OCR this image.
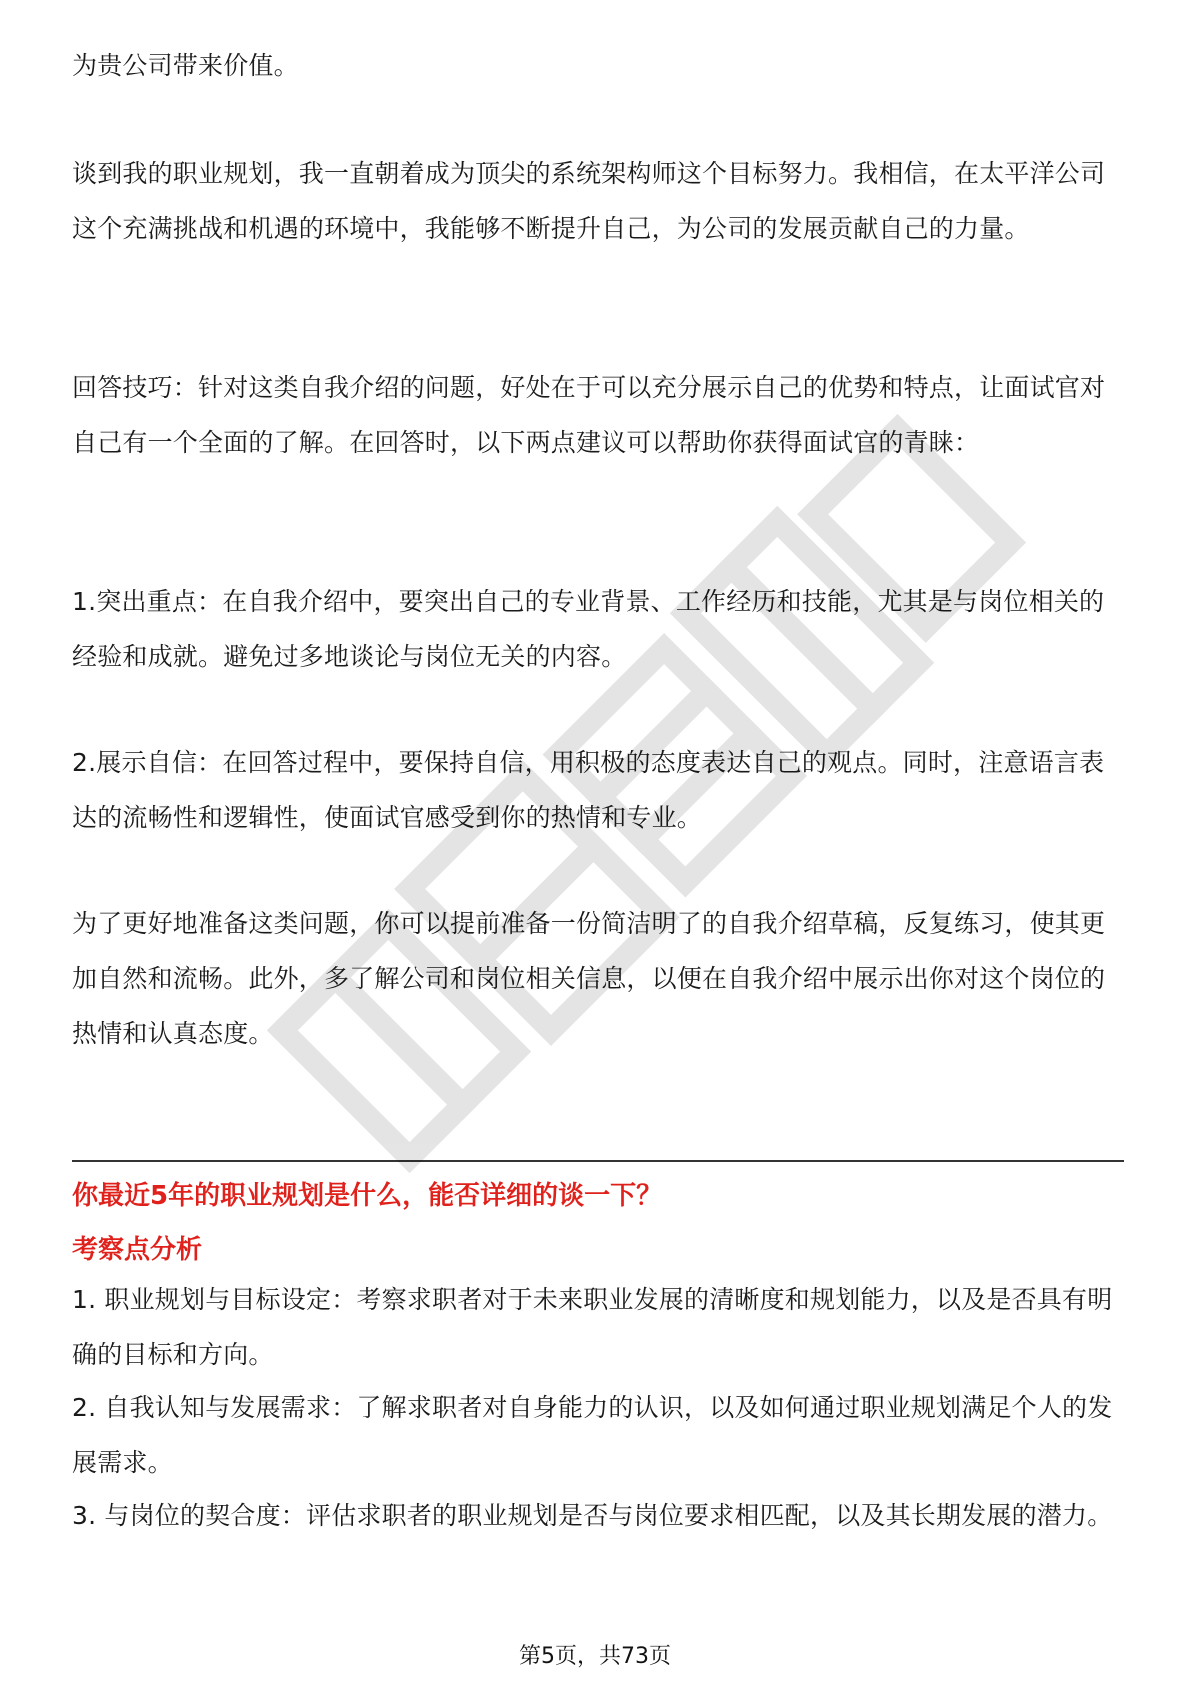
为贵公司带来价值。

谈到我的职业规划，我一直朝着成为顶尖的系统架构师这个目标努力。我相信，在太平洋公司这个充满挑战和机遇的环境中，我能够不断提升自己，为公司的发展贡献自己的力量。

回答技巧：针对这类自我介绍的问题，好处在于可以充分展示自己的优势和特点，让面试官对自己有一个全面的了解。在回答时，以下两点建议可以帮助你获得面试官的青睐：

1.突出重点：在自我介绍中，要突出自己的专业背景、工作经历和技能，尤其是与岗位相关的经验和成就。避免过多地谈论与岗位无关的内容。

2.展示自信：在回答过程中，要保持自信，用积极的态度表达自己的观点。同时，注意语言表达的流畅性和逻辑性，使面试官感受到你的热情和专业。

为了更好地准备这类问题，你可以提前准备一份简洁明了的自我介绍草稿，反复练习，使其更加自然和流畅。此外，多了解公司和岗位相关信息，以便在自我介绍中展示出你对这个岗位的热情和认真态度。

你最近5年的职业规划是什么，能否详细的谈一下？
考察点分析

1. 职业规划与目标设定：考察求职者对于未来职业发展的清晰度和规划能力，以及是否具有明确的目标和方向。

2. 自我认知与发展需求：了解求职者对自身能力的认识，以及如何通过职业规划满足个人的发展需求。

3. 与岗位的契合度：评估求职者的职业规划是否与岗位要求相匹配，以及其长期发展的潜力。

第5页，共73页
